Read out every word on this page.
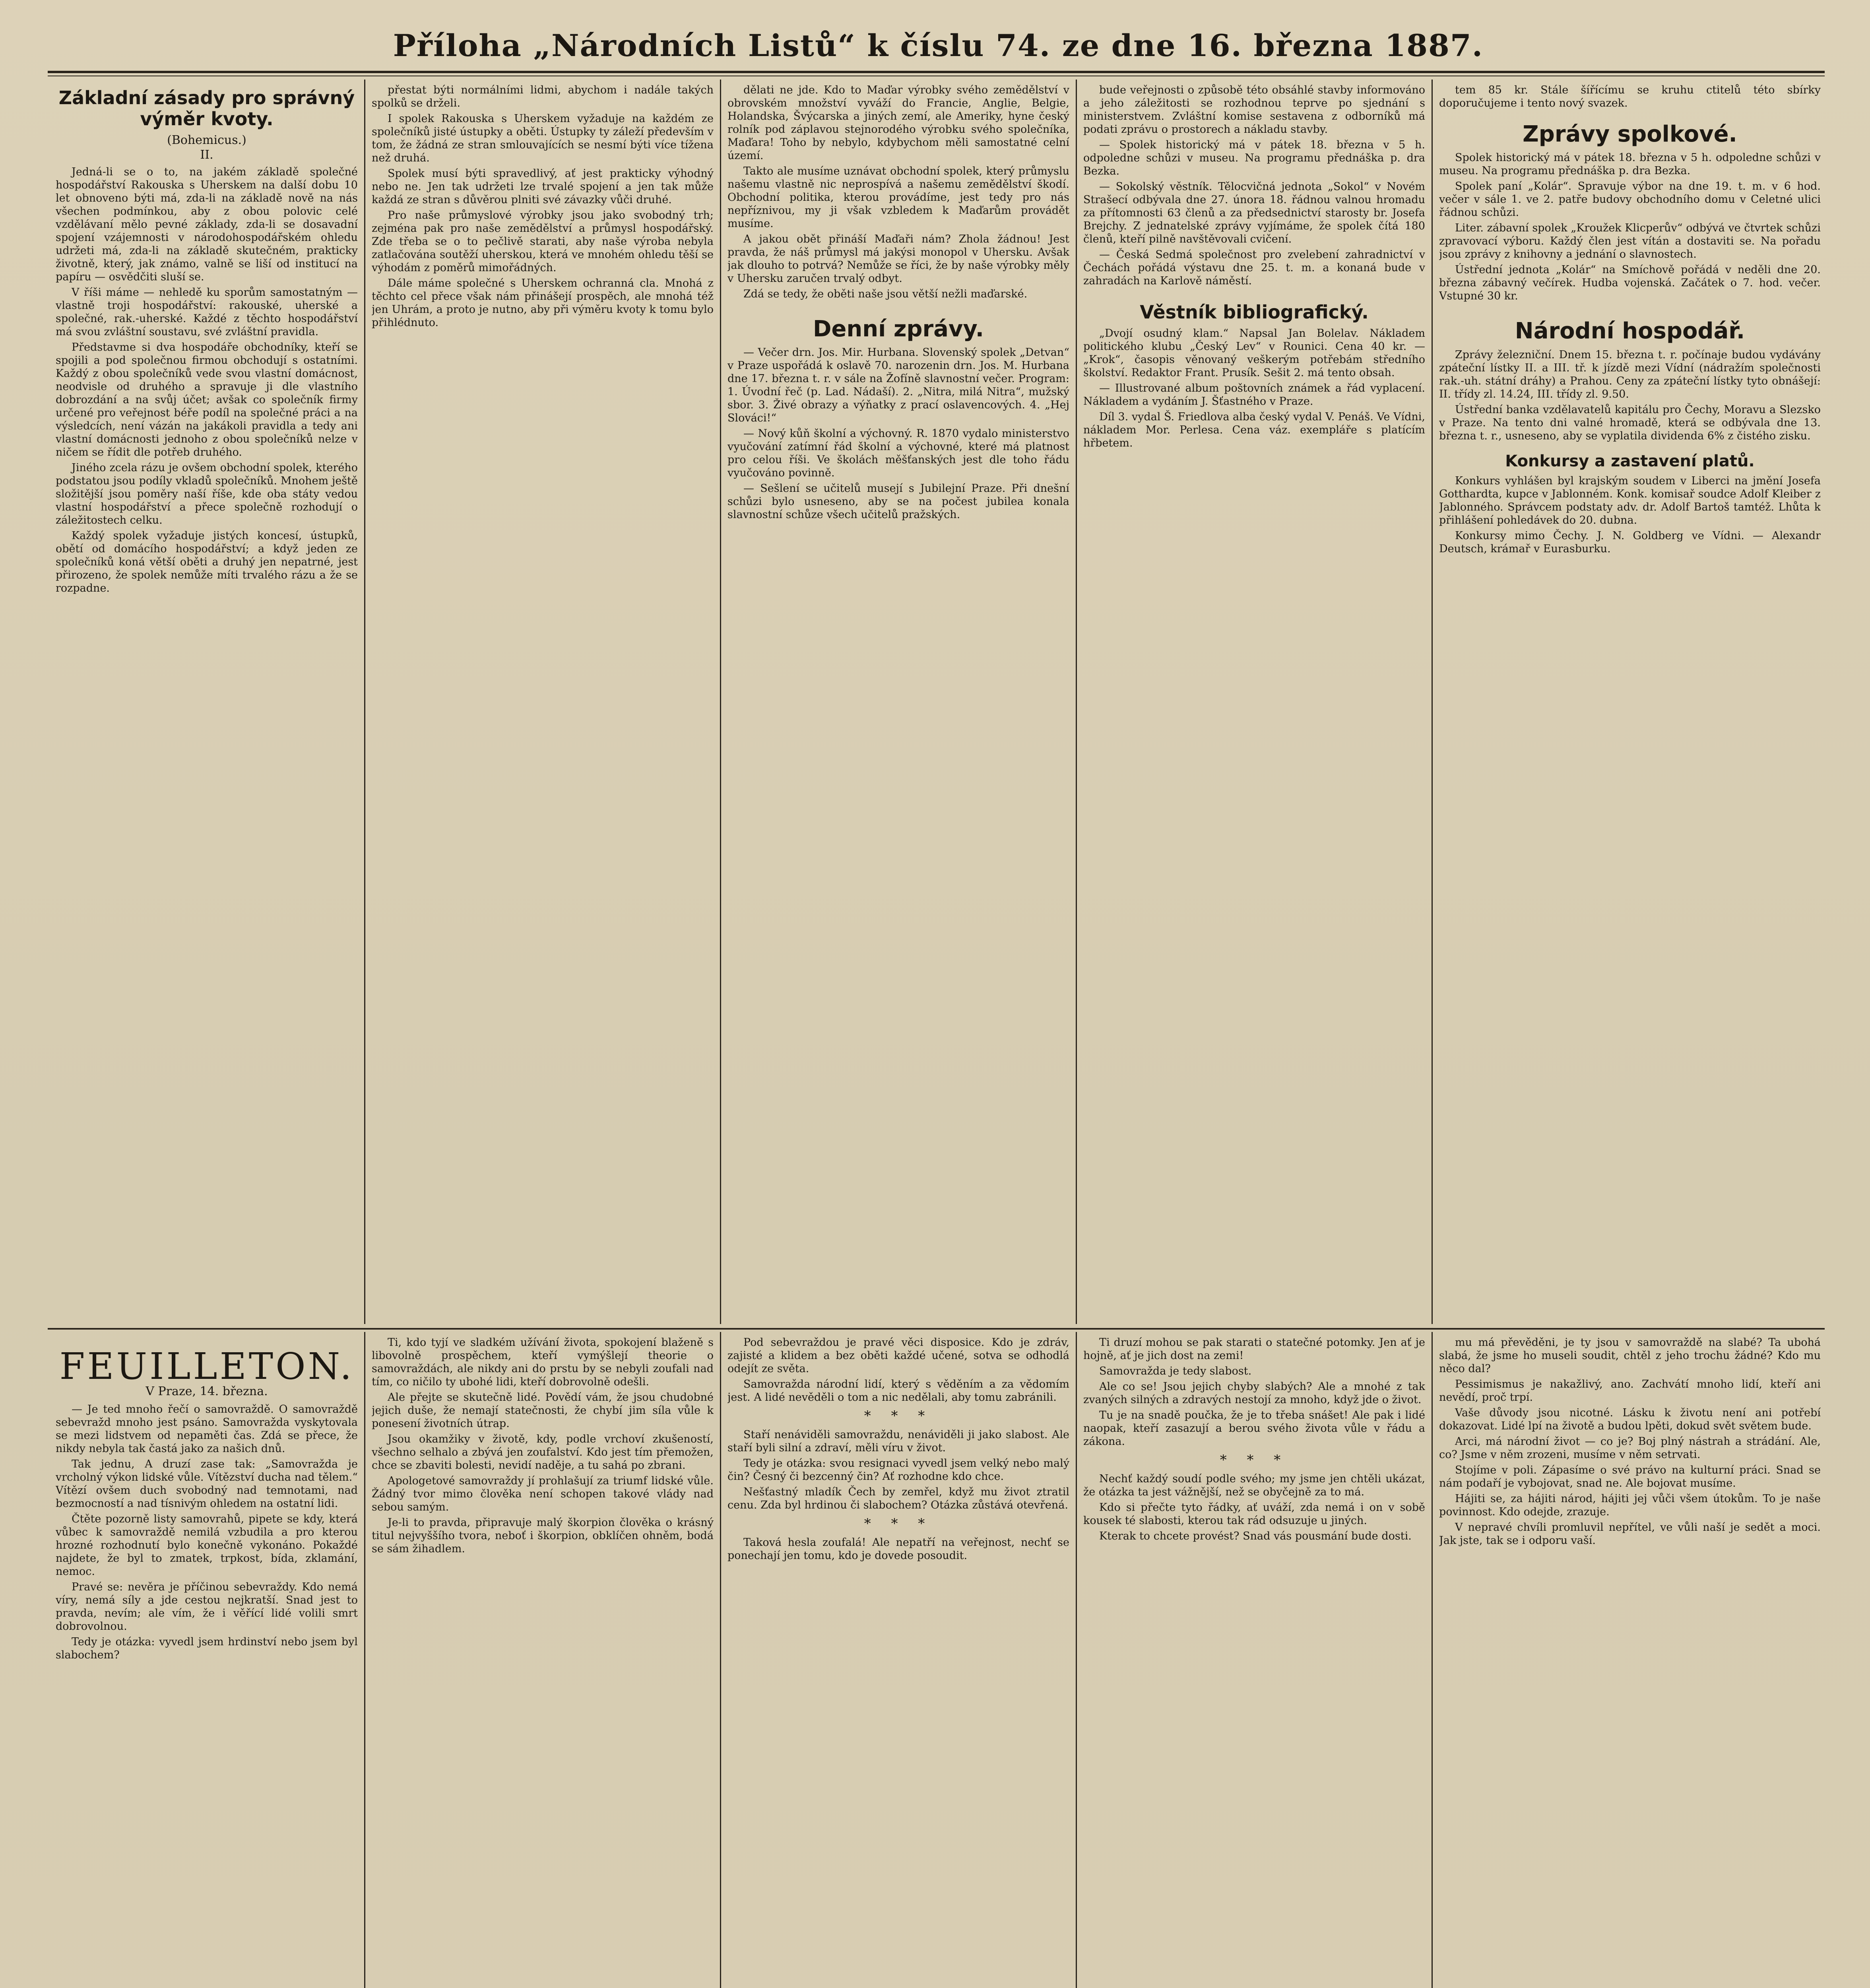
Příloha „Národních Listů“ k číslu 74. ze dne 16. března 1887.
Základní zásady pro správný výměr kvoty.
(Bohemicus.)
II.

Jedná-li se o to, na jakém základě společné hospodářství Rakouska s Uherskem na další dobu 10 let obnoveno býti má, zda-li na základě nově na nás všechen podmínkou, aby z obou polovic celé vzdělávaní mělo pevné základy, zda-li se dosavadní spojení vzájemnosti v národohospodářském ohledu udržeti má, zda-li na základě skutečném, prakticky životně, který, jak známo, valně se liší od institucí na papíru — osvědčiti sluší se.

V říši máme — nehledě ku sporům samostatným — vlastně troji hospodářství: rakouské, uherské a společné, rak.-uherské. Každé z těchto hospodářství má svou zvláštní soustavu, své zvláštní pravidla.

Představme si dva hospodáře obchodníky, kteří se spojili a pod společnou firmou obchodují s ostatními. Každý z obou společníků vede svou vlastní domácnost, neodvisle od druhého a spravuje ji dle vlastního dobrozdání a na svůj účet; avšak co společník firmy určené pro veřejnost béře podíl na společné práci a na výsledcích, není vázán na jakákoli pravidla a tedy ani vlastní domácnosti jednoho z obou společníků nelze v ničem se řídit dle potřeb druhého.

Jiného zcela rázu je ovšem obchodní spolek, kterého podstatou jsou podíly vkladů společníků. Mnohem ještě složitější jsou poměry naší říše, kde oba státy vedou vlastní hospodářství a přece společně rozhodují o záležitostech celku.

Každý spolek vyžaduje jistých koncesí, ústupků, obětí od domácího hospodářství; a když jeden ze společníků koná větší oběti a druhý jen nepatrné, jest přirozeno, že spolek nemůže míti trvalého rázu a že se rozpadne.

přestat býti normálními lidmi, abychom i nadále takých spolků se drželi.

I spolek Rakouska s Uherskem vyžaduje na každém ze společníků jisté ústupky a oběti. Ústupky ty záleží především v tom, že žádná ze stran smlouvajících se nesmí býti více tížena než druhá.

Spolek musí býti spravedlivý, ať jest prakticky výhodný nebo ne. Jen tak udržeti lze trvalé spojení a jen tak může každá ze stran s důvěrou plniti své závazky vůči druhé.

Pro naše průmyslové výrobky jsou jako svobodný trh; zejména pak pro naše zemědělství a průmysl hospodářský. Zde třeba se o to pečlivě starati, aby naše výroba nebyla zatlačována soutěží uherskou, která ve mnohém ohledu těší se výhodám z poměrů mimořádných.

Dále máme společné s Uherskem ochranná cla. Mnohá z těchto cel přece však nám přinášejí prospěch, ale mnohá též jen Uhrám, a proto je nutno, aby při výměru kvoty k tomu bylo přihlédnuto.

dělati ne jde. Kdo to Maďar výrobky svého zemědělství v obrovském množství vyváží do Francie, Anglie, Belgie, Holandska, Švýcarska a jiných zemí, ale Ameriky, hyne český rolník pod záplavou stejnorodého výrobku svého společníka, Maďara! Toho by nebylo, kdybychom měli samostatné celní území.

Takto ale musíme uznávat obchodní spolek, který průmyslu našemu vlastně nic neprospívá a našemu zemědělství škodí. Obchodní politika, kterou provádíme, jest tedy pro nás nepříznivou, my ji však vzbledem k Maďarům provádět musíme.

A jakou obět přináší Maďaři nám? Zhola žádnou! Jest pravda, že náš průmysl má jakýsi monopol v Uhersku. Avšak jak dlouho to potrvá? Nemůže se říci, že by naše výrobky měly v Uhersku zaručen trvalý odbyt.

Zdá se tedy, že oběti naše jsou větší nežli maďarské.

Denní zprávy.

— Večer drn. Jos. Mir. Hurbana. Slovenský spolek „Detvan“ v Praze uspořádá k oslavě 70. narozenin drn. Jos. M. Hurbana dne 17. března t. r. v sále na Žofíně slavnostní večer. Program: 1. Úvodní řeč (p. Lad. Nádaší). 2. „Nitra, milá Nitra“, mužský sbor. 3. Živé obrazy a výňatky z prací oslavencových. 4. „Hej Slováci!“

— Nový kůň školní a výchovný. R. 1870 vydalo ministerstvo vyučování zatímní řád školní a výchovné, které má platnost pro celou říši. Ve školách měšťanských jest dle toho řádu vyučováno povinně.

— Sešlení se učitelů musejí s Jubilejní Praze. Při dnešní schůzi bylo usneseno, aby se na počest jubilea konala slavnostní schůze všech učitelů pražských.

bude veřejnosti o způsobě této obsáhlé stavby informováno a jeho záležitosti se rozhodnou teprve po sjednání s ministerstvem. Zvláštní komise sestavena z odborníků má podati zprávu o prostorech a nákladu stavby.

— Spolek historický má v pátek 18. března v 5 h. odpoledne schůzi v museu. Na programu přednáška p. dra Bezka.

— Sokolský věstník. Tělocvičná jednota „Sokol“ v Novém Strašecí odbývala dne 27. února 18. řádnou valnou hromadu za přítomnosti 63 členů a za předsednictví starosty br. Josefa Brejchy. Z jednatelské zprávy vyjímáme, že spolek čítá 180 členů, kteří pilně navštěvovali cvičení.

— Česká Sedmá společnost pro zvelebení zahradnictví v Čechách pořádá výstavu dne 25. t. m. a konaná bude v zahradách na Karlově náměstí.

Věstník bibliografický.

„Dvojí osudný klam.“ Napsal Jan Bolelav. Nákladem politického klubu „Český Lev“ v Rounici. Cena 40 kr. — „Krok“, časopis věnovaný veškerým potřebám středního školství. Redaktor Frant. Prusík. Sešit 2. má tento obsah.

— Illustrované album poštovních známek a řád vyplacení. Nákladem a vydáním J. Šťastného v Praze.

Díl 3. vydal Š. Friedlova alba český vydal V. Penáš. Ve Vídni, nákladem Mor. Perlesa. Cena váz. exempláře s platícím hřbetem.

tem 85 kr. Stále šířícímu se kruhu ctitelů této sbírky doporučujeme i tento nový svazek.

Zprávy spolkové.

Spolek historický má v pátek 18. března v 5 h. odpoledne schůzi v museu. Na programu přednáška p. dra Bezka.

Spolek paní „Kolár“. Spravuje výbor na dne 19. t. m. v 6 hod. večer v sále 1. ve 2. patře budovy obchodního domu v Celetné ulici řádnou schůzi.

Liter. zábavní spolek „Kroužek Klicperův“ odbývá ve čtvrtek schůzi zpravovací výboru. Každý člen jest vítán a dostaviti se. Na pořadu jsou zprávy z knihovny a jednání o slavnostech.

Ústřední jednota „Kolár“ na Smíchově pořádá v neděli dne 20. března zábavný večírek. Hudba vojenská. Začátek o 7. hod. večer. Vstupné 30 kr.

Národní hospodář.

Zprávy železniční. Dnem 15. března t. r. počínaje budou vydávány zpáteční lístky II. a III. tř. k jízdě mezi Vídní (nádražím společnosti rak.-uh. státní dráhy) a Prahou. Ceny za zpáteční lístky tyto obnášejí: II. třídy zl. 14.24, III. třídy zl. 9.50.

Ústřední banka vzdělavatelů kapitálu pro Čechy, Moravu a Slezsko v Praze. Na tento dni valné hromadě, která se odbývala dne 13. března t. r., usneseno, aby se vyplatila dividenda 6% z čistého zisku.

Konkursy a zastavení platů.

Konkurs vyhlášen byl krajským soudem v Liberci na jmění Josefa Gotthardta, kupce v Jablonném. Konk. komisař soudce Adolf Kleiber z Jablonného. Správcem podstaty adv. dr. Adolf Bartoš tamtéž. Lhůta k přihlášení pohledávek do 20. dubna.

Konkursy mimo Čechy. J. N. Goldberg ve Vídni. — Alexandr Deutsch, krámař v Eurasburku.

FEUILLETON.
V Praze, 14. března.

— Je ted mnoho řečí o samovraždě. O samovraždě sebevražd mnoho jest psáno. Samovražda vyskytovala se mezi lidstvem od nepaměti čas. Zdá se přece, že nikdy nebyla tak častá jako za našich dnů.

Tak jednu, A druzí zase tak: „Samovražda je vrcholný výkon lidské vůle. Vítězství ducha nad tělem.“ Vítězí ovšem duch svobodný nad temnotami, nad bezmocností a nad tísnivým ohledem na ostatní lidi.

Čtěte pozorně listy samovrahů, pipete se kdy, která vůbec k samovraždě nemilá vzbudila a pro kterou hrozné rozhodnutí bylo konečně vykonáno. Pokaždé najdete, že byl to zmatek, trpkost, bída, zklamání, nemoc.

Pravé se: nevěra je příčinou sebevraždy. Kdo nemá víry, nemá síly a jde cestou nejkratší. Snad jest to pravda, nevím; ale vím, že i věřící lidé volili smrt dobrovolnou.

Tedy je otázka: vyvedl jsem hrdinství nebo jsem byl slabochem?

Ti, kdo tyjí ve sladkém užívání života, spokojení blaženě s libovolně prospěchem, kteří vymýšlejí theorie o samovraždách, ale nikdy ani do prstu by se nebyli zoufali nad tím, co ničilo ty ubohé lidi, kteří dobrovolně odešli.

Ale přejte se skutečně lidé. Povědí vám, že jsou chudobné jejich duše, že nemají statečnosti, že chybí jim sílа vůle k ponesení životních útrap.

Jsou okamžiky v životě, kdy, podle vrchoví zkušeností, všechno selhalo a zbývá jen zoufalství. Kdo jest tím přemožen, chce se zbaviti bolesti, nevidí naděje, a tu sahá po zbrani.

Apologetové samovraždy jí prohlašují za triumf lidské vůle. Žádný tvor mimo člověka není schopen takové vlády nad sebou samým.

Je-li to pravda, připravuje malý škorpion člověka o krásný titul nejvyššího tvora, neboť i škorpion, obklíčen ohněm, bodá se sám žihadlem.

Pod sebevraždou je pravé věci disposice. Kdo je zdráv, zajisté a klidem a bez oběti každé učené, sotva se odhodlá odejít ze světa.

Samovražda národní lidí, který s věděním a za vědomím jest. A lidé nevěděli o tom a nic nedělali, aby tomu zabránili.

* * *

Staří nenáviděli samovraždu, nenáviděli ji jako slabost. Ale staří byli silní a zdraví, měli víru v život.

Tedy je otázka: svou resignaci vyvedl jsem velký nebo malý čin? Česný či bezcenný čin? Ať rozhodne kdo chce.

Nešťastný mladík Čech by zemřel, když mu život ztratil cenu. Zda byl hrdinou či slabochem? Otázka zůstává otevřená.

* * *

Taková hesla zoufalá! Ale nepatří na veřejnost, nechť se ponechají jen tomu, kdo je dovede posoudit.

Ti druzí mohou se pak starati o statečné potomky. Jen ať je hojně, ať je jich dost na zemi!

Samovražda je tedy slabost.

Ale co se! Jsou jejich chyby slabých? Ale a mnohé z tak zvaných silných a zdravých nestojí za mnoho, když jde o život.

Tu je na snadě poučka, že je to třeba snášet! Ale pak i lidé naopak, kteří zasazují a berou svého života vůle v řádu a zákona.

* * *

Nechť každý soudí podle svého; my jsme jen chtěli ukázat, že otázka ta jest vážnější, než se obyčejně za to má.

Kdo si přečte tyto řádky, ať uváží, zda nemá i on v sobě kousek té slabosti, kterou tak rád odsuzuje u jiných.

Kterak to chcete provést? Snad vás pousmání bude dosti.

mu má převěděni, je ty jsou v samovraždě na slabé? Ta ubohá slabá, že jsme ho museli soudit, chtěl z jeho trochu žádné? Kdo mu něco dal?

Pessimismus je nakažlivý, ano. Zachvátí mnoho lidí, kteří ani nevědí, proč trpí.

Vaše důvody jsou nicotné. Lásku k životu není ani potřebí dokazovat. Lidé lpí na životě a budou lpěti, dokud svět světem bude.

Arci, má národní život — co je? Boj plný nástrah a strádání. Ale, co? Jsme v něm zrozeni, musíme v něm setrvati.

Stojíme v poli. Zápasíme o své právo na kulturní práci. Snad se nám podaří je vybojovat, snad ne. Ale bojovat musíme.

Hájiti se, za hájiti národ, hájiti jej vůči všem útokům. To je naše povinnost. Kdo odejde, zrazuje.

V nepravé chvíli promluvil nepřítel, ve vůli naší je sedět a moci. Jak jste, tak se i odporu vaší.
